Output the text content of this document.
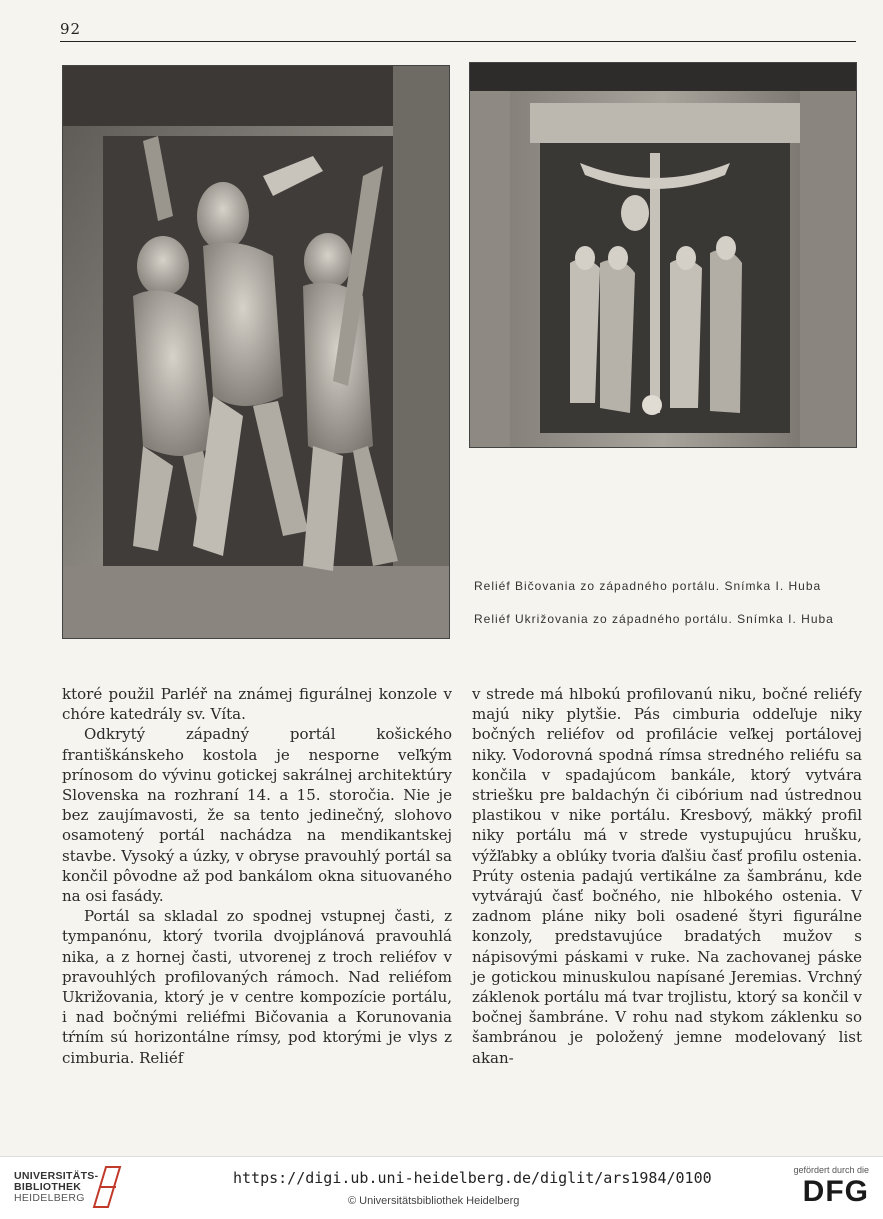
92
Reliéf Bičovania zo západného portálu. Snímka I. Huba
Reliéf Ukrižovania zo západného portálu. Snímka I. Huba

ktoré použil Parléř na známej figurálnej konzole v chóre katedrály sv. Víta.

Odkrytý západný portál košického františkánskeho kostola je nesporne veľkým prínosom do vývinu gotickej sakrálnej architektúry Slovenska na rozhraní 14. a 15. storočia. Nie je bez zaujímavosti, že sa tento jedinečný, slohovo osamotený portál nachádza na mendikantskej stavbe. Vysoký a úzky, v obryse pravouhlý portál sa končil pôvodne až pod bankálom okna situovaného na osi fasády.

Portál sa skladal zo spodnej vstupnej časti, z tympanónu, ktorý tvorila dvojplánová pravouhlá nika, a z hornej časti, utvorenej z troch reliéfov v pravouhlých profilovaných rámoch. Nad reliéfom Ukrižovania, ktorý je v centre kompozície portálu, i nad bočnými reliéfmi Bičovania a Korunovania tŕním sú horizontálne rímsy, pod ktorými je vlys z cimburia. Reliéf

v strede má hlbokú profilovanú niku, bočné reliéfy majú niky plytšie. Pás cimburia oddeľuje niky bočných reliéfov od profilácie veľkej portálovej niky. Vodorovná spodná rímsa stredného reliéfu sa končila v spadajúcom bankále, ktorý vytvára striešku pre baldachýn či cibórium nad ústrednou plastikou v nike portálu. Kresbový, mäkký profil niky portálu má v strede vystupujúcu hrušku, výžľabky a oblúky tvoria ďalšiu časť profilu ostenia. Prúty ostenia padajú vertikálne za šambránu, kde vytvárajú časť bočného, nie hlbokého ostenia. V zadnom pláne niky boli osadené štyri figurálne konzoly, predstavujúce bradatých mužov s nápisovými páskami v ruke. Na zachovanej páske je gotickou minuskulou napísané Jeremias. Vrchný záklenok portálu má tvar trojlistu, ktorý sa končil v bočnej šambráne. V rohu nad stykom záklenku so šambránou je položený jemne modelovaný list akan-

UNIVERSITÄTS-
BIBLIOTHEK
HEIDELBERG
https://digi.ub.uni-heidelberg.de/diglit/ars1984/0100
© Universitätsbibliothek Heidelberg
gefördert durch die
DFG
